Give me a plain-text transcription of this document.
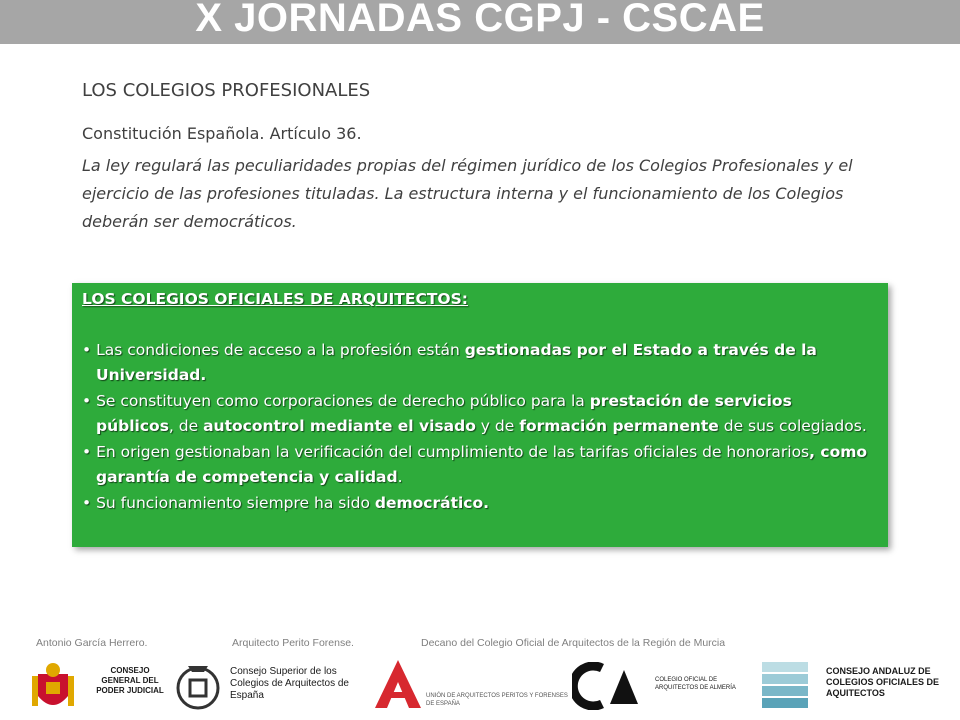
X JORNADAS CGPJ - CSCAE
LOS COLEGIOS PROFESIONALES
Constitución Española. Artículo 36.
La ley regulará las peculiaridades propias del régimen jurídico de los Colegios Profesionales y el ejercicio de las profesiones tituladas. La estructura interna y el funcionamiento de los Colegios deberán ser democráticos.
LOS COLEGIOS OFICIALES DE ARQUITECTOS:
• Las condiciones de acceso a la profesión están gestionadas por el Estado a través de la Universidad.
• Se constituyen como corporaciones de derecho público para la prestación de servicios públicos, de autocontrol mediante el visado y de formación permanente de sus colegiados.
• En origen gestionaban la verificación del cumplimiento de las tarifas oficiales de honorarios, como garantía de competencia y calidad.
• Su funcionamiento siempre ha sido democrático.
Antonio García Herrero.	Arquitecto Perito Forense.	Decano del Colegio Oficial de Arquitectos de la Región de Murcia
CONSEJO GENERAL DEL PODER JUDICIAL
Consejo Superior de los Colegios de Arquitectos de España	UNIÓN DE ARQUITECTOS PERITOS Y FORENSES DE ESPAÑA
COLEGIO OFICIAL DE ARQUITECTOS DE ALMERÍA
CONSEJO ANDALUZ DE COLEGIOS OFICIALES DE AQUITECTOS
